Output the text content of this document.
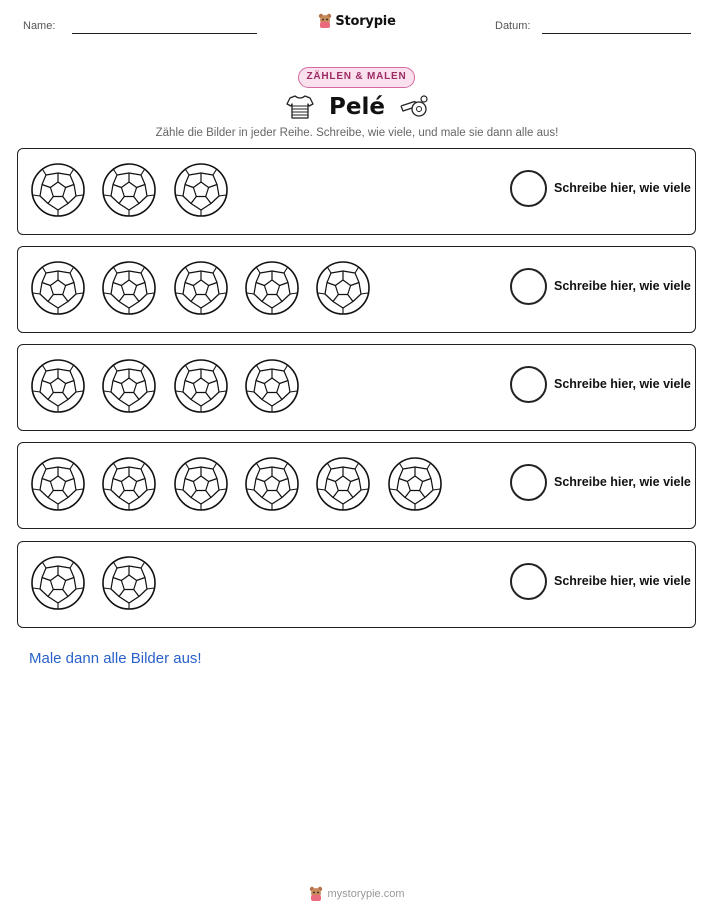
Name:	Storypie	Datum:
ZÄHLEN & MALEN
Pelé
Zähle die Bilder in jeder Reihe. Schreibe, wie viele, und male sie dann alle aus!
Schreibe hier, wie viele
Schreibe hier, wie viele
Schreibe hier, wie viele
Schreibe hier, wie viele
Schreibe hier, wie viele
Male dann alle Bilder aus!
mystorypie.com
